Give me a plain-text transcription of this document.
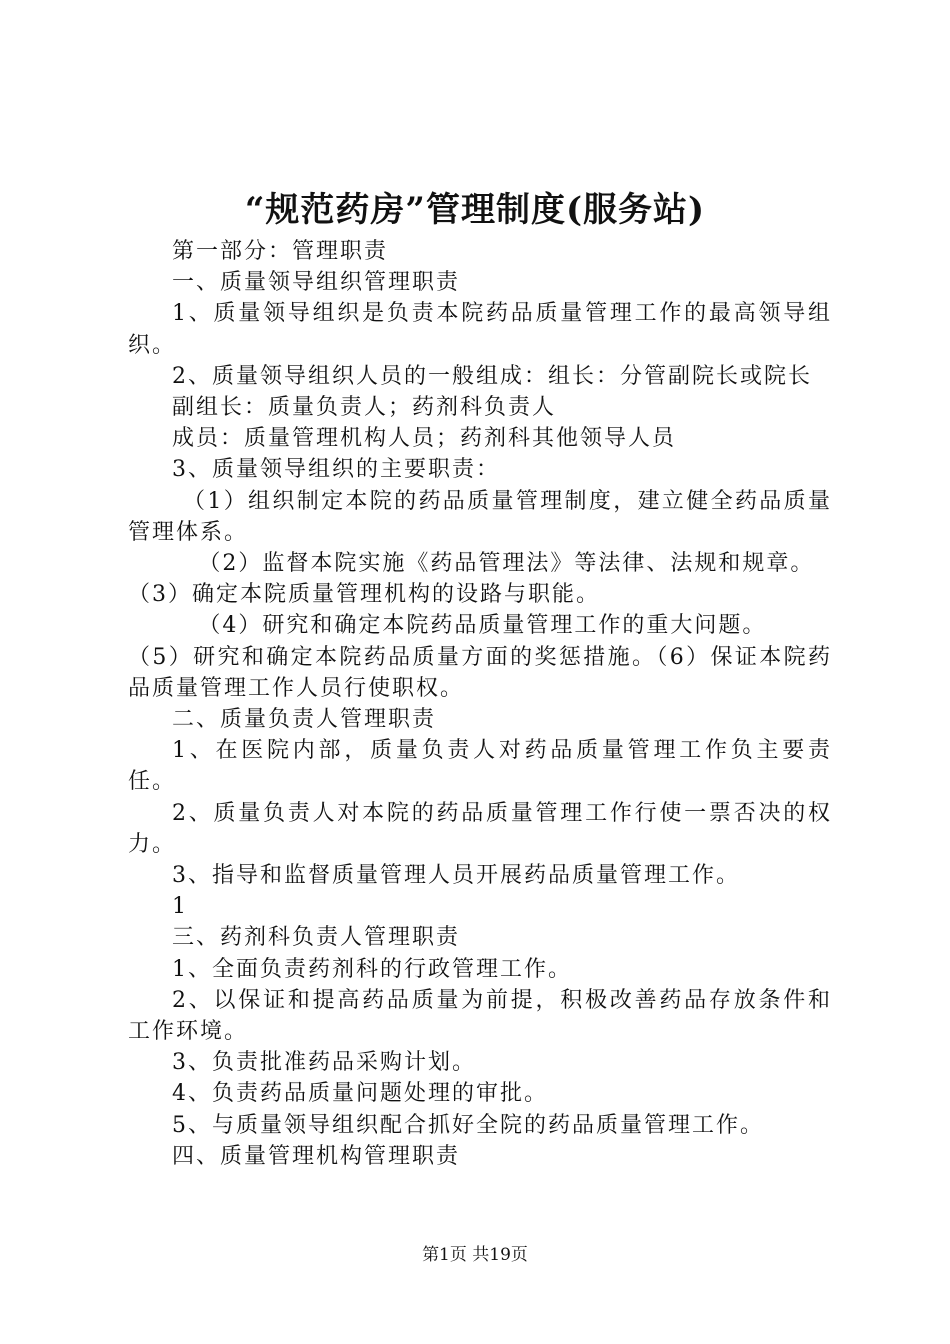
“规范药房”管理制度(服务站)

第一部分：管理职责

一、质量领导组织管理职责

1、质量领导组织是负责本院药品质量管理工作的最高领导组织。

2、质量领导组织人员的一般组成：组长：分管副院长或院长

副组长：质量负责人；药剂科负责人

成员：质量管理机构人员；药剂科其他领导人员

3、质量领导组织的主要职责：

（1）组织制定本院的药品质量管理制度，建立健全药品质量管理体系。

（2）监督本院实施《药品管理法》等法律、法规和规章。

（3）确定本院质量管理机构的设路与职能。

（4）研究和确定本院药品质量管理工作的重大问题。

（5）研究和确定本院药品质量方面的奖惩措施。（6）保证本院药品质量管理工作人员行使职权。

二、质量负责人管理职责

1、在医院内部，质量负责人对药品质量管理工作负主要责任。

2、质量负责人对本院的药品质量管理工作行使一票否决的权力。

3、指导和监督质量管理人员开展药品质量管理工作。

1

三、药剂科负责人管理职责

1、全面负责药剂科的行政管理工作。

2、以保证和提高药品质量为前提，积极改善药品存放条件和工作环境。

3、负责批准药品采购计划。

4、负责药品质量问题处理的审批。

5、与质量领导组织配合抓好全院的药品质量管理工作。

四、质量管理机构管理职责

第1页 共19页
